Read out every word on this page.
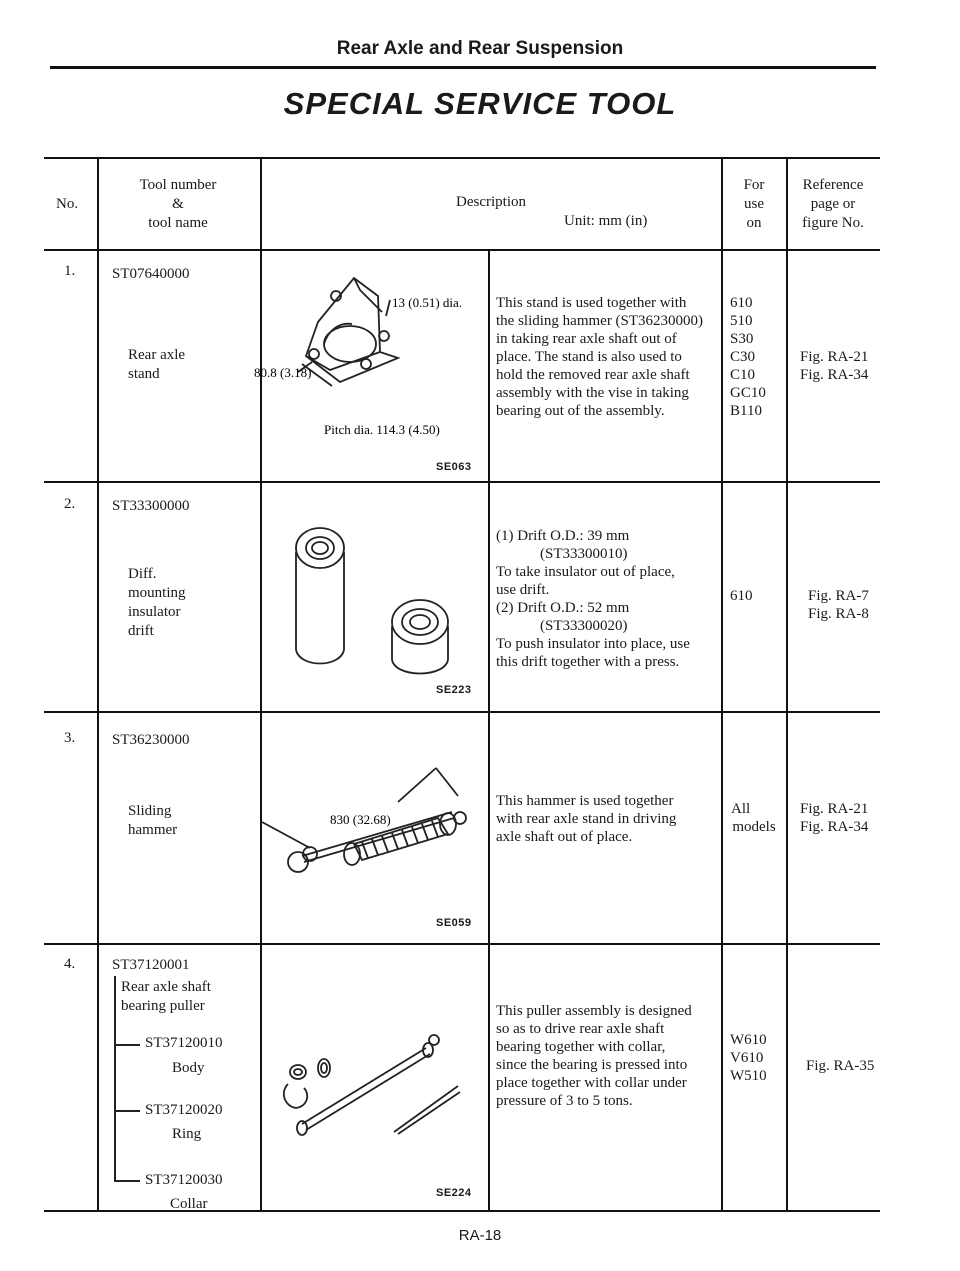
Rear Axle and Rear Suspension
SPECIAL SERVICE TOOL
No.
Tool number
&
tool name
Description
Unit: mm (in)
For
use
on
Reference
page or
figure No.
1. ST07640000
Rear axle
stand
13 (0.51) dia.
80.8 (3.18)
Pitch dia. 114.3 (4.50)
SE063
This stand is used together with
the sliding hammer (ST36230000)
in taking rear axle shaft out of
place. The stand is also used to
hold the removed rear axle shaft
assembly with the vise in taking
bearing out of the assembly.
610
510
S30
C30
C10
GC10
B110
Fig. RA-21
Fig. RA-34
2. ST33300000
Diff.
mounting
insulator
drift
SE223
(1) Drift O.D.: 39 mm
(ST33300010)
To take insulator out of place,
use drift.
(2) Drift O.D.: 52 mm
(ST33300020)
To push insulator into place, use
this drift together with a press.
610	Fig. RA-7
Fig. RA-8
3. ST36230000
Sliding
hammer
830 (32.68)
SE059
This hammer is used together
with rear axle stand in driving
axle shaft out of place.
All
models
Fig. RA-21
Fig. RA-34
4. ST37120001
Rear axle shaft
bearing puller
ST37120010
Body
ST37120020
Ring
ST37120030
Collar
SE224
This puller assembly is designed
so as to drive rear axle shaft
bearing together with collar,
since the bearing is pressed into
place together with collar under
pressure of 3 to 5 tons.
W610
V610
W510
Fig. RA-35
RA-18
